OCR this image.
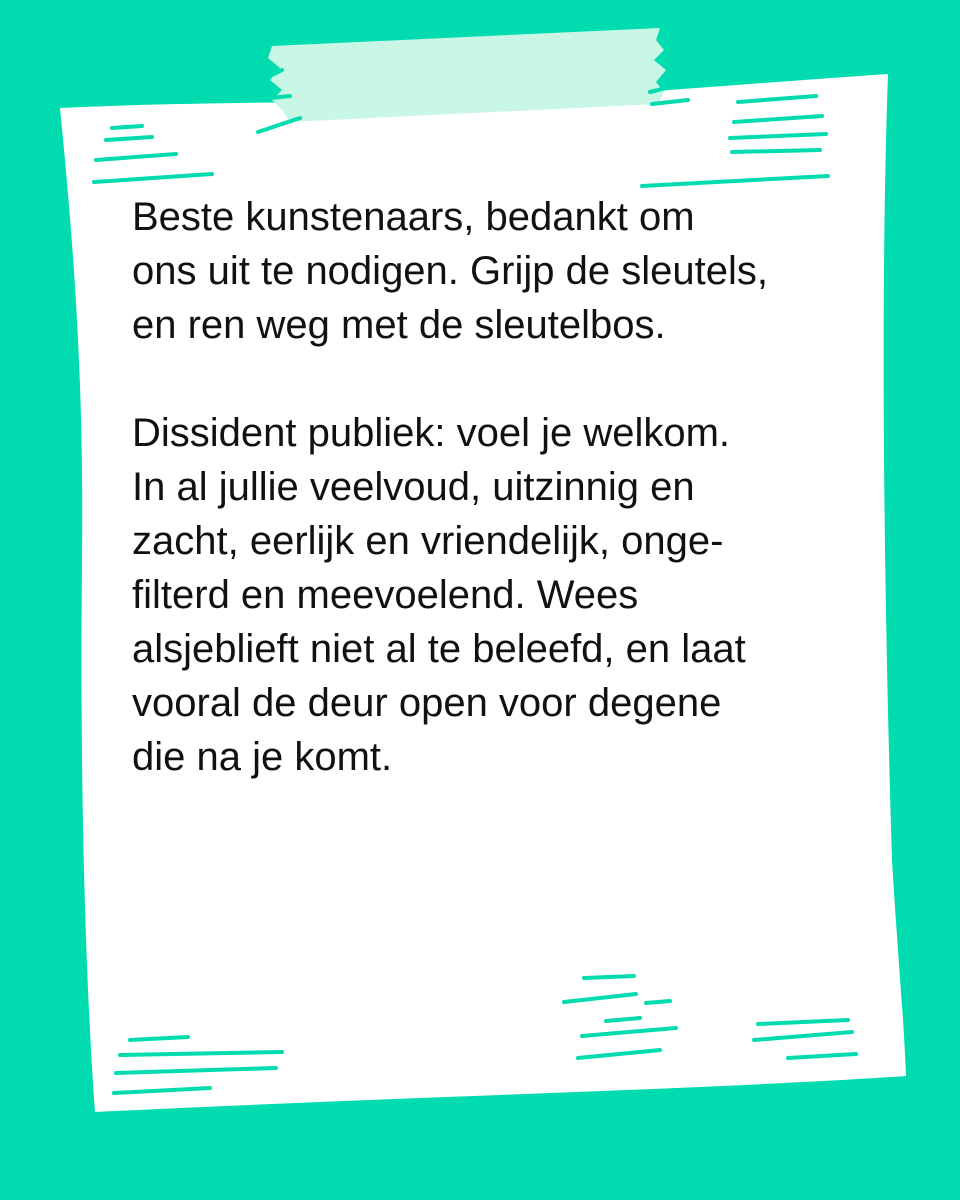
Beste kunstenaars, bedankt om
ons uit te nodigen. Grijp de sleutels,
en ren weg met de sleutelbos.

Dissident publiek: voel je welkom.
In al jullie veelvoud, uitzinnig en
zacht, eerlijk en vriendelijk, onge-
filterd en meevoelend. Wees
alsjeblieft niet al te beleefd, en laat
vooral de deur open voor degene
die na je komt.
